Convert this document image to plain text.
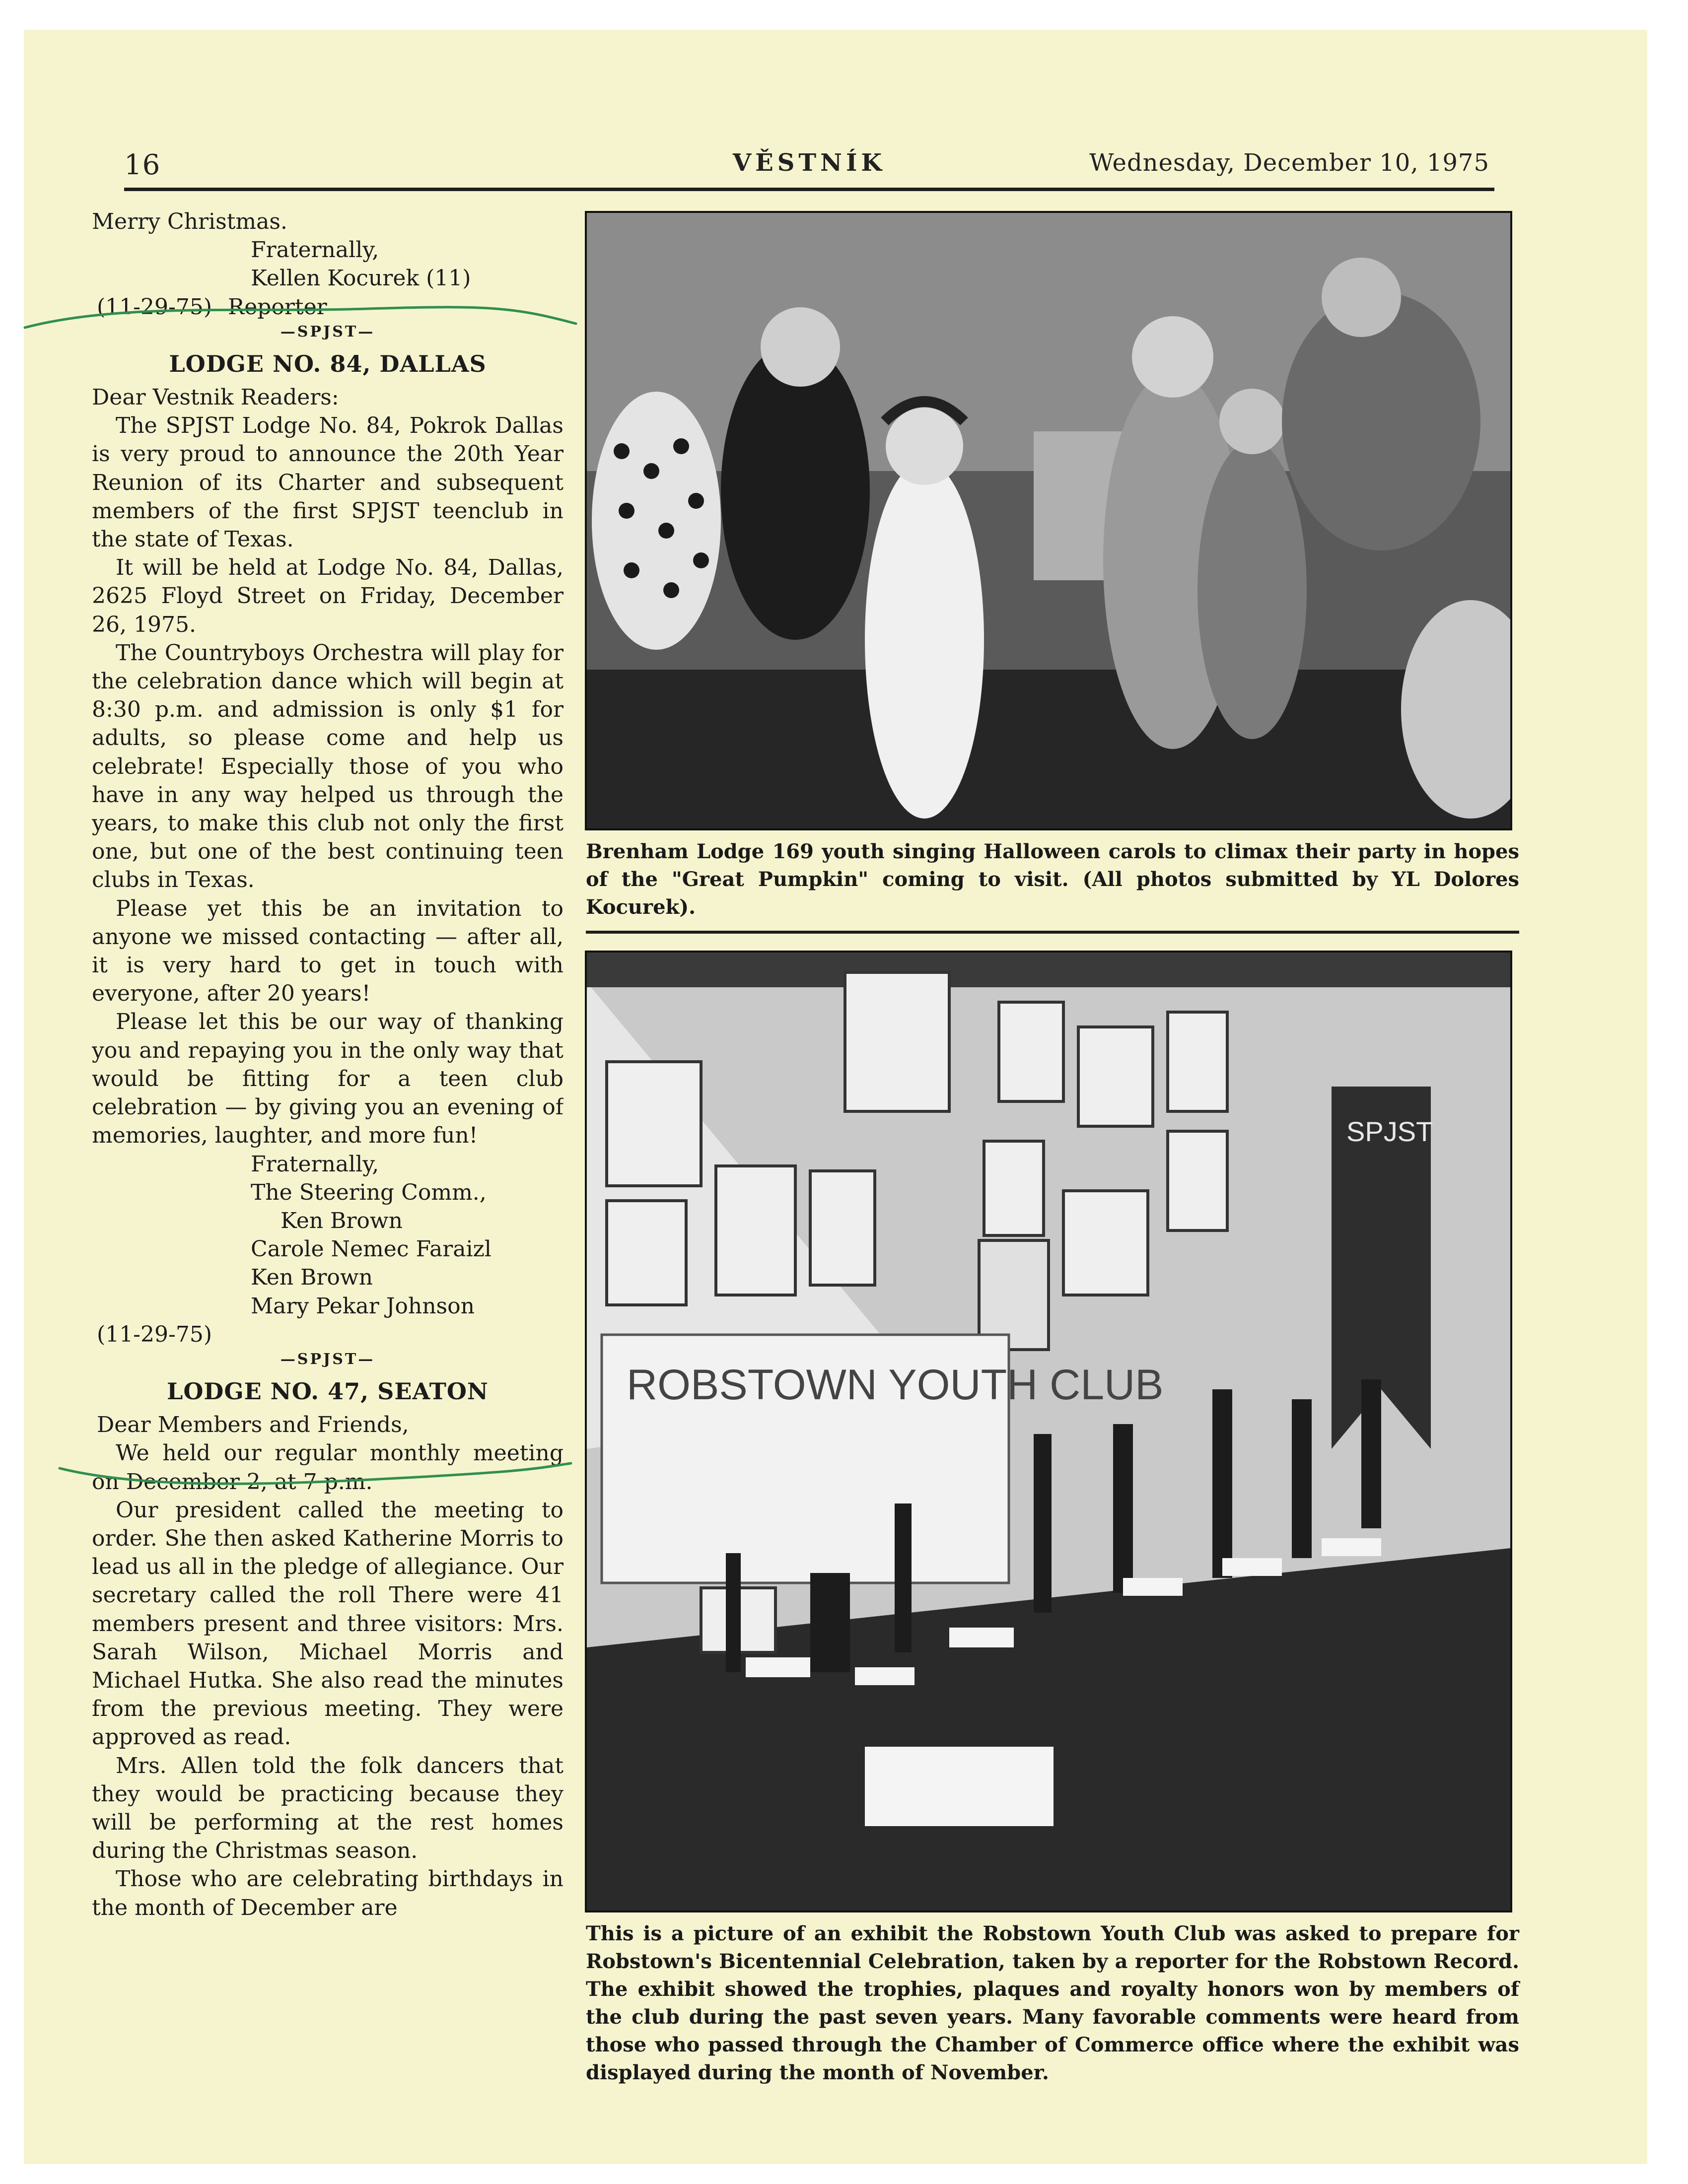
16	VĚSTNÍK	Wednesday, December 10, 1975
Merry Christmas.
Fraternally,
Kellen Kocurek (11)
(11-29-75) Reporter
—SPJST—
LODGE NO. 84, DALLAS
Dear Vestnik Readers:

The SPJST Lodge No. 84, Pokrok Dallas is very proud to announce the 20th Year Reunion of its Charter and subsequent members of the first SPJST teenclub in the state of Texas.

It will be held at Lodge No. 84, Dallas, 2625 Floyd Street on Friday, December 26, 1975.

The Countryboys Orchestra will play for the celebration dance which will begin at 8:30 p.m. and admission is only $1 for adults, so please come and help us celebrate! Especially those of you who have in any way helped us through the years, to make this club not only the first one, but one of the best continuing teen clubs in Texas.

Please yet this be an invitation to anyone we missed contacting — after all, it is very hard to get in touch with everyone, after 20 years!

Please let this be our way of thanking you and repaying you in the only way that would be fitting for a teen club celebration — by giving you an evening of memories, laughter, and more fun!

Fraternally,
The Steering Comm.,
Ken Brown
Carole Nemec Faraizl
Ken Brown
Mary Pekar Johnson
(11-29-75)
—SPJST—
LODGE NO. 47, SEATON
Dear Members and Friends,

We held our regular monthly meeting on December 2, at 7 p.m.

Our president called the meeting to order. She then asked Katherine Morris to lead us all in the pledge of allegiance. Our secretary called the roll There were 41 members present and three visitors: Mrs. Sarah Wilson, Michael Morris and Michael Hutka. She also read the minutes from the previous meeting. They were approved as read.

Mrs. Allen told the folk dancers that they would be practicing because they will be performing at the rest homes during the Christmas season.

Those who are celebrating birthdays in the month of December are

Brenham Lodge 169 youth singing Halloween carols to climax their party in hopes of the "Great Pumpkin" coming to visit. (All photos submitted by YL Dolores Kocurek).
ROBSTOWN YOUTH CLUB
SPJST
This is a picture of an exhibit the Robstown Youth Club was asked to prepare for Robstown's Bicentennial Celebration, taken by a reporter for the Robstown Record. The exhibit showed the trophies, plaques and royalty honors won by members of the club during the past seven years. Many favorable comments were heard from those who passed through the Chamber of Commerce office where the exhibit was displayed during the month of November.
